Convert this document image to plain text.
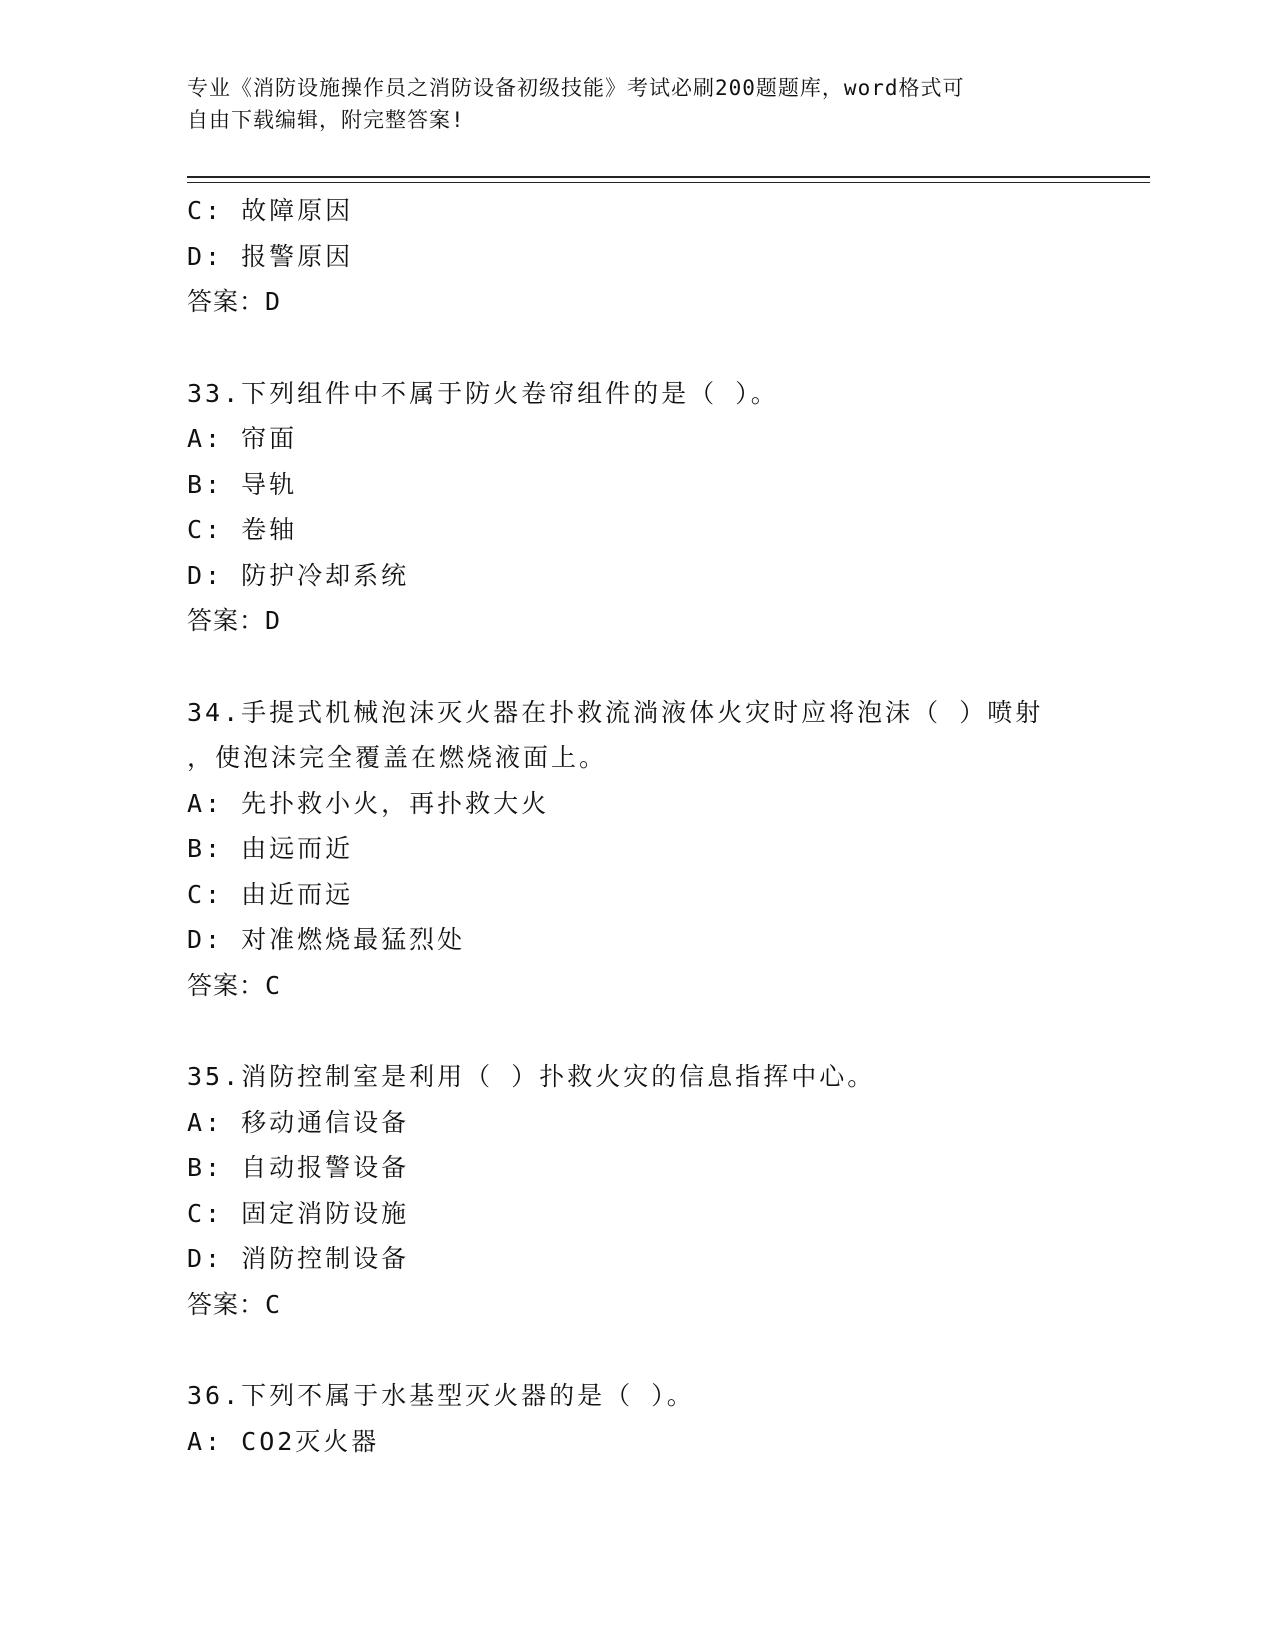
专业《消防设施操作员之消防设备初级技能》考试必刷200题题库，word格式可
自由下载编辑，附完整答案!
C: 故障原因
D: 报警原因
答案：D
33.下列组件中不属于防火卷帘组件的是（ ）。
A: 帘面
B: 导轨
C: 卷轴
D: 防护冷却系统
答案：D
34.手提式机械泡沫灭火器在扑救流淌液体火灾时应将泡沫（ ）喷射
，使泡沫完全覆盖在燃烧液面上。
A: 先扑救小火，再扑救大火
B: 由远而近
C: 由近而远
D: 对准燃烧最猛烈处
答案：C
35.消防控制室是利用（ ）扑救火灾的信息指挥中心。
A: 移动通信设备
B: 自动报警设备
C: 固定消防设施
D: 消防控制设备
答案：C
36.下列不属于水基型灭火器的是（ ）。
A: CO2灭火器
